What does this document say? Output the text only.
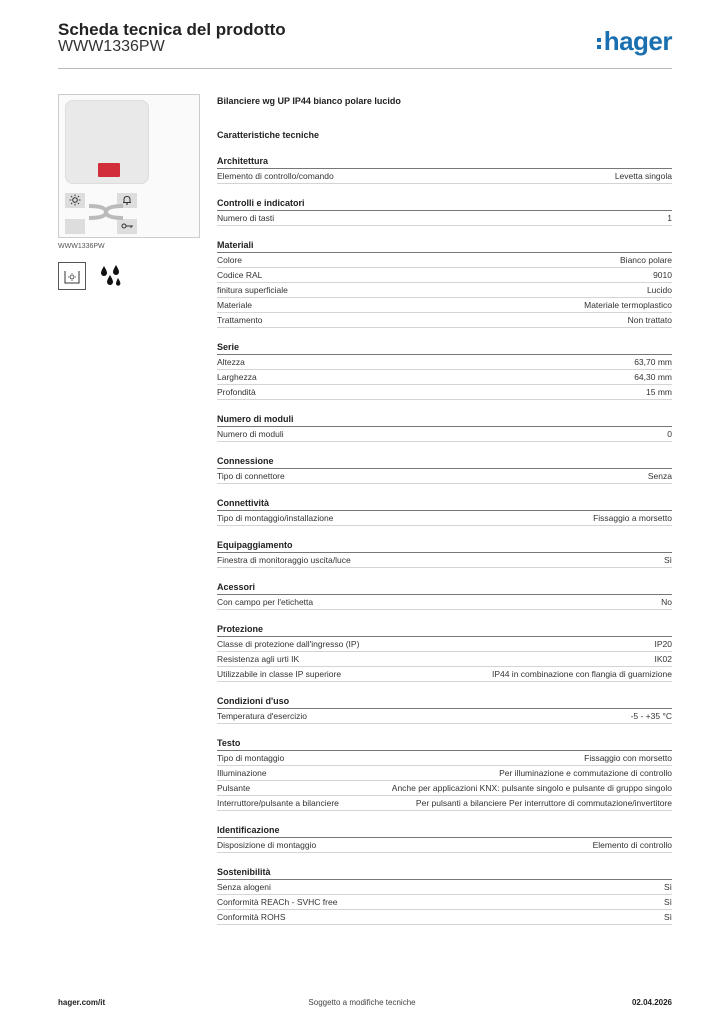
Scheda tecnica del prodotto
WWW1336PW	hager
WWW1336PW
Bilanciere wg UP IP44 bianco polare lucido
Caratteristiche tecniche
Architettura
Elemento di controllo/comando	Levetta singola
Controlli e indicatori
Numero di tasti	1
Materiali
Colore	Bianco polare
Codice RAL	9010
finitura superficiale	Lucido
Materiale	Materiale termoplastico
Trattamento	Non trattato
Serie
Altezza	63,70 mm
Larghezza	64,30 mm
Profondità	15 mm
Numero di moduli
Numero di moduli	0
Connessione
Tipo di connettore	Senza
Connettività
Tipo di montaggio/installazione	Fissaggio a morsetto
Equipaggiamento
Finestra di monitoraggio uscita/luce	Sì
Acessori
Con campo per l'etichetta	No
Protezione
Classe di protezione dall'ingresso (IP)	IP20
Resistenza agli urti IK	IK02
Utilizzabile in classe IP superiore	IP44 in combinazione con flangia di guarnizione
Condizioni d'uso
Temperatura d'esercizio	-5 - +35 °C
Testo
Tipo di montaggio	Fissaggio con morsetto
Illuminazione	Per illuminazione e commutazione di controllo
Pulsante	Anche per applicazioni KNX: pulsante singolo e pulsante di gruppo singolo
Interruttore/pulsante a bilanciere	Per pulsanti a bilanciere Per interruttore di commutazione/invertitore
Identificazione
Disposizione di montaggio	Elemento di controllo
Sostenibilità
Senza alogeni	Sì
Conformità REACh - SVHC free	Sì
Conformità ROHS	Sì
hager.com/it	Soggetto a modifiche tecniche	02.04.2026
